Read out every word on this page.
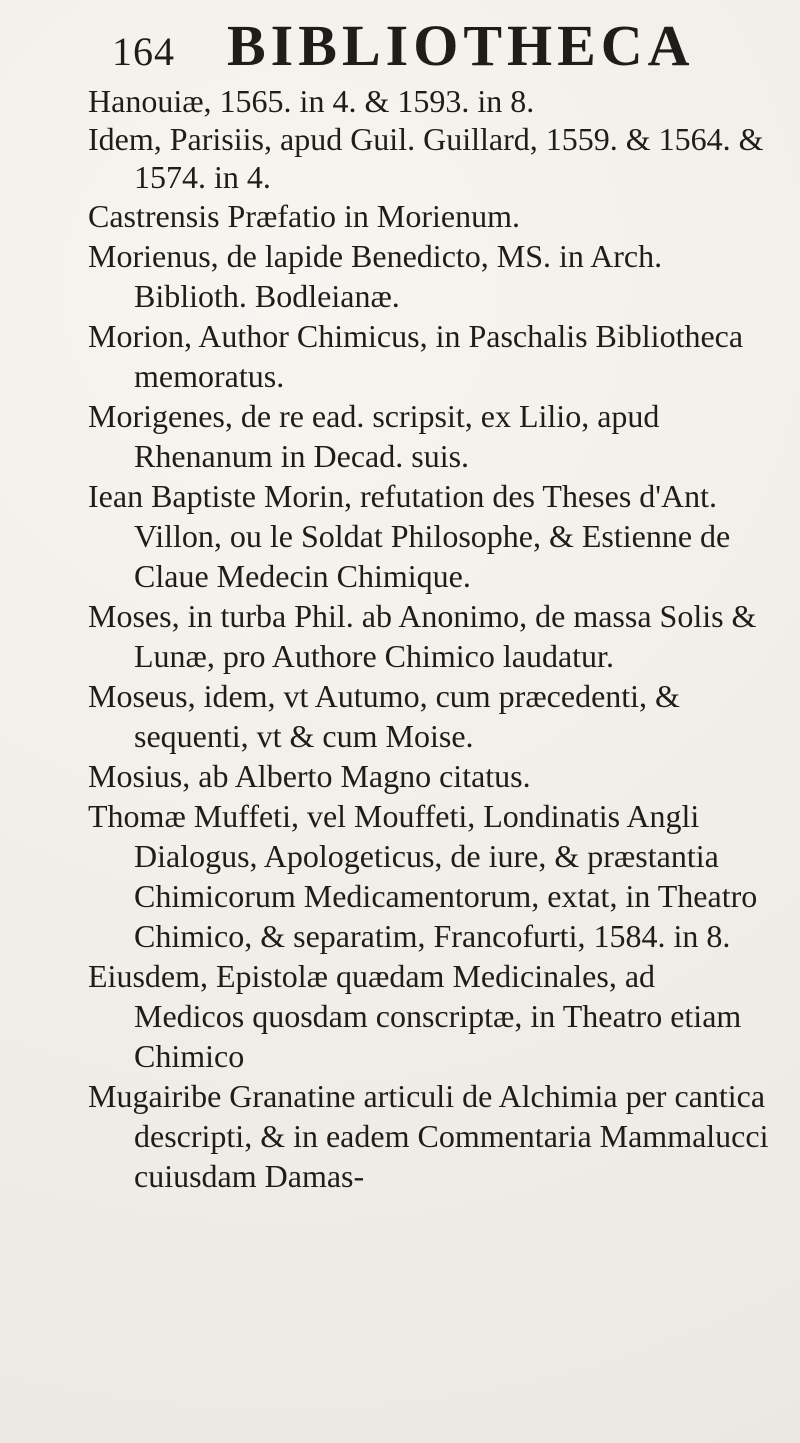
164 BIBLIOTHECA

Hanouiæ, 1565. in 4. & 1593. in 8.

Idem, Parisiis, apud Guil. Guillard, 1559. & 1564. & 1574. in 4.

Castrensis Præfatio in Morienum.

Morienus, de lapide Benedicto, MS. in Arch. Biblioth. Bodleianæ.

Morion, Author Chimicus, in Paschalis Bibliotheca memoratus.

Morigenes, de re ead. scripsit, ex Lilio, apud Rhenanum in Decad. suis.

Iean Baptiste Morin, refutation des Theses d'Ant. Villon, ou le Soldat Philosophe, & Estienne de Claue Medecin Chimique.

Moses, in turba Phil. ab Anonimo, de massa Solis & Lunæ, pro Authore Chimico laudatur.

Moseus, idem, vt Autumo, cum præcedenti, & sequenti, vt & cum Moise.

Mosius, ab Alberto Magno citatus.

Thomæ Muffeti, vel Mouffeti, Londinatis Angli Dialogus, Apologeticus, de iure, & præstantia Chimicorum Medicamentorum, extat, in Theatro Chimico, & separatim, Francofurti, 1584. in 8.

Eiusdem, Epistolæ quædam Medicinales, ad Medicos quosdam conscriptæ, in Theatro etiam Chimico

Mugairibe Granatine articuli de Alchimia per cantica descripti, & in eadem Commentaria Mammalucci cuiusdam Damas-
